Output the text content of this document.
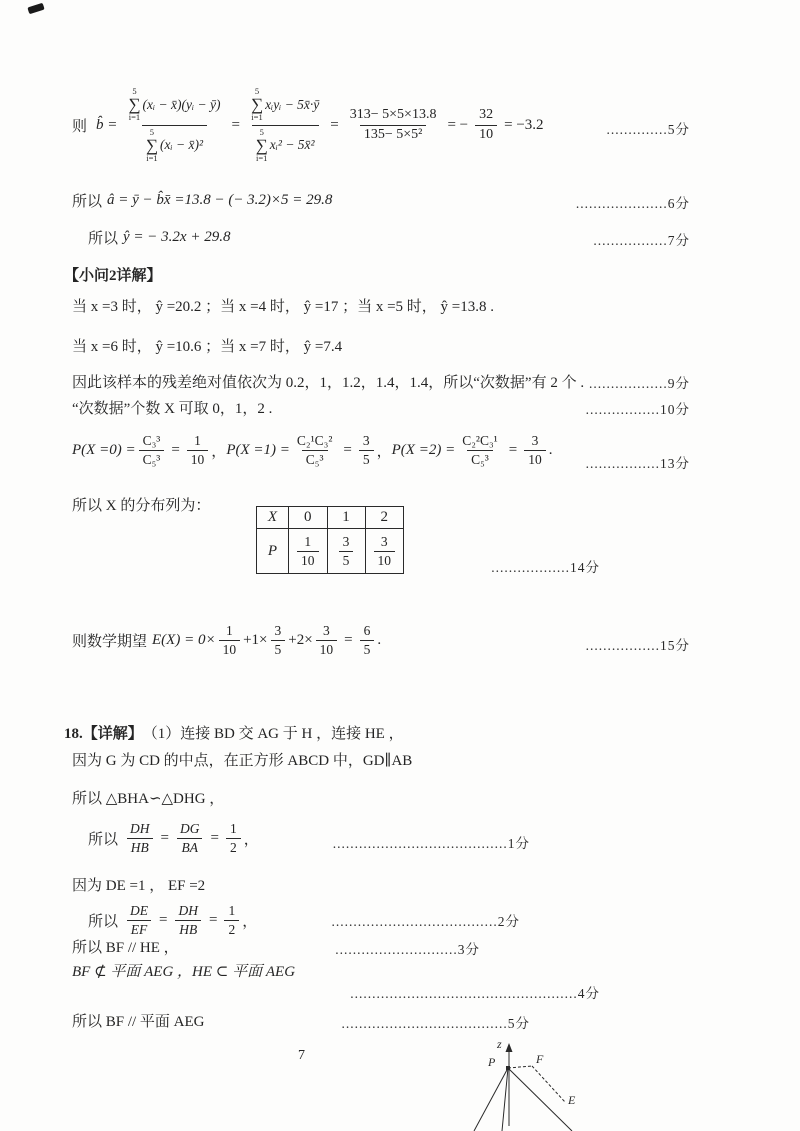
则 b̂ =
5
∑
i=1
(xᵢ − x̄)(yᵢ − ȳ)
5
∑
i=1
(xᵢ − x̄)²
= 5
∑
i=1
xᵢyᵢ − 5x̄·ȳ
5
∑
i=1
xᵢ² − 5x̄² = $\frac{313- 5\times 5\times 13.8}{\text{135− 5×5²}}$ = − $\frac{32}{10} = -3.2$	..............5分
所以 â = ȳ − b̂x̄ =13.8 − (− 3.2)×5 = 29.8	.....................6分
所以 ŷ = − 3.2x + 29.8	.................7分
【小问2详解】
当 x =3 时， ŷ =20.2 ；当 x =4 时， ŷ =17 ；当 x =5 时， ŷ =13.8 .
当 x =6 时， ŷ =10.6 ；当 x =7 时， ŷ =7.4
因此该样本的残差绝对值依次为 0.2，1，1.2，1.4，1.4，所以“次数据”有 2 个 . ..................9分
“次数据”个数 X 可取 0，1，2 .	.................10分
$P(X =0) = \frac{\text{C₃³}}{\text{C₅³}} = \frac{1}{10}$ ， $P(X =1) = \frac{\text{C₂¹C₃²}}{\text{C₅³}} = \frac{3}{5}$ ， $P(X =2) = \frac{\text{C₂²C₃¹}}{\text{C₅³}} = \frac{3}{10}$ .
.................13分
所以 X 的分布列为：
X	0	1	2
P	$\frac{1}{10}$	$\frac{3}{5}$	$\frac{3}{10}$	..................14分
则数学期望 $E(X) = 0\times \frac{1}{10} +1\times \frac{3}{5} +2\times \frac{3}{10} = \frac{6}{5}$ .	.................15分
18.【详解】 （1）连接 BD 交 AG 于 H ，连接 HE ，
因为 G 为 CD 的中点，在正方形 ABCD 中，GD∥AB
所以 △BHA∽△DHG ，
所以 $\frac{DH}{HB} = \frac{DG}{BA} = \frac{1}{2}$ ，	........................................1分
因为 DE =1 ， EF =2
所以 $\frac{DE}{EF} = \frac{DH}{HB} = \frac{1}{2}$ ，	......................................2分
所以 BF // HE ，	............................3分
BF ⊄ 平面 AEG ，HE ⊂ 平面 AEG
....................................................4分
所以 BF // 平面 AEG	......................................5分
7
z
P	F
E
